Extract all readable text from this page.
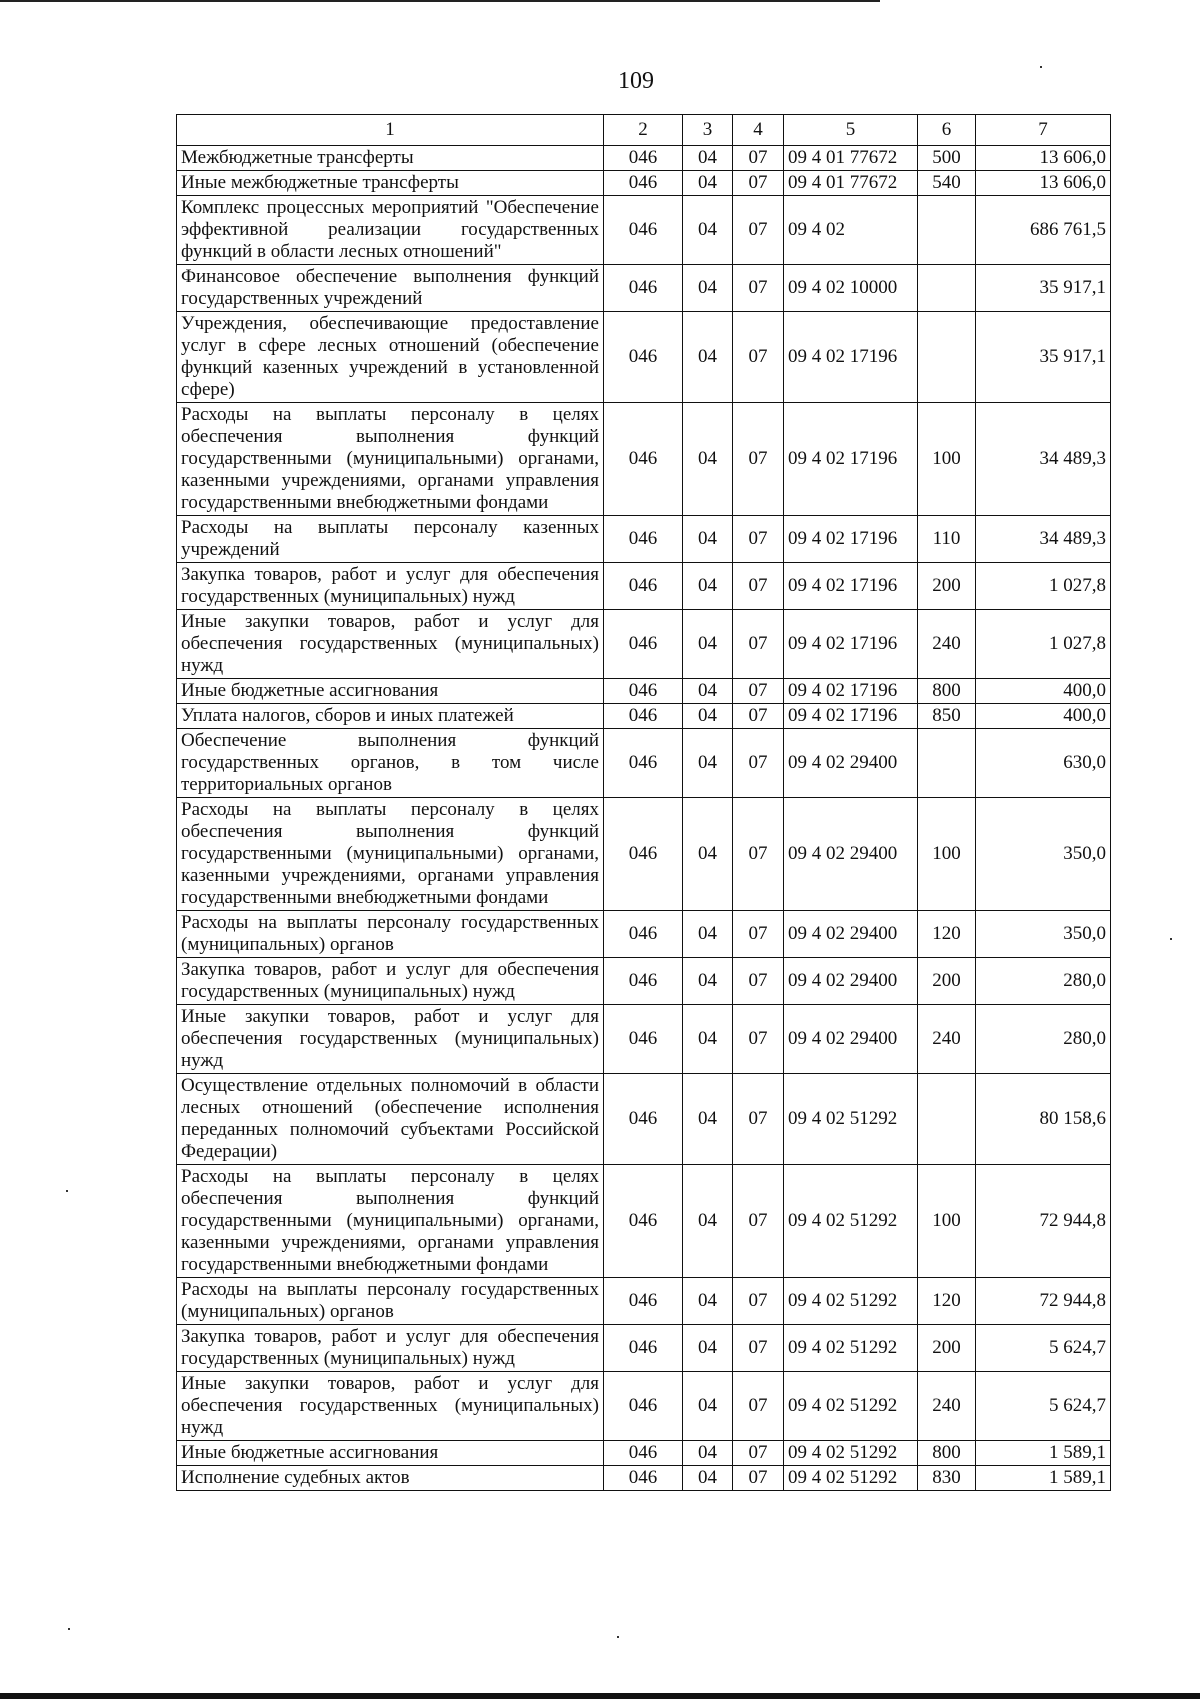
109
1	2	3	4	5	6	7
Межбюджетные трансферты	046	04	07	09 4 01 77672	500	13 606,0
Иные межбюджетные трансферты	046	04	07	09 4 01 77672	540	13 606,0
Комплекс процессных мероприятий "Обеспечение эффективной реализации государственных функций в области лесных отношений"	046	04	07	09 4 02		686 761,5
Финансовое обеспечение выполнения функций государственных учреждений	046	04	07	09 4 02 10000		35 917,1
Учреждения, обеспечивающие предоставление услуг в сфере лесных отношений (обеспечение функций казенных учреждений в установленной сфере)	046	04	07	09 4 02 17196		35 917,1
Расходы на выплаты персоналу в целях обеспечения выполнения функций государственными (муниципальными) органами, казенными учреждениями, органами управления государственными внебюджетными фондами	046	04	07	09 4 02 17196	100	34 489,3
Расходы на выплаты персоналу казенных учреждений	046	04	07	09 4 02 17196	110	34 489,3
Закупка товаров, работ и услуг для обеспечения государственных (муниципальных) нужд	046	04	07	09 4 02 17196	200	1 027,8
Иные закупки товаров, работ и услуг для обеспечения государственных (муниципальных) нужд	046	04	07	09 4 02 17196	240	1 027,8
Иные бюджетные ассигнования	046	04	07	09 4 02 17196	800	400,0
Уплата налогов, сборов и иных платежей	046	04	07	09 4 02 17196	850	400,0
Обеспечение выполнения функций государственных органов, в том числе территориальных органов	046	04	07	09 4 02 29400		630,0
Расходы на выплаты персоналу в целях обеспечения выполнения функций государственными (муниципальными) органами, казенными учреждениями, органами управления государственными внебюджетными фондами	046	04	07	09 4 02 29400	100	350,0
Расходы на выплаты персоналу государственных (муниципальных) органов	046	04	07	09 4 02 29400	120	350,0
Закупка товаров, работ и услуг для обеспечения государственных (муниципальных) нужд	046	04	07	09 4 02 29400	200	280,0
Иные закупки товаров, работ и услуг для обеспечения государственных (муниципальных) нужд	046	04	07	09 4 02 29400	240	280,0
Осуществление отдельных полномочий в области лесных отношений (обеспечение исполнения переданных полномочий субъектами Российской Федерации)	046	04	07	09 4 02 51292		80 158,6
Расходы на выплаты персоналу в целях обеспечения выполнения функций государственными (муниципальными) органами, казенными учреждениями, органами управления государственными внебюджетными фондами	046	04	07	09 4 02 51292	100	72 944,8
Расходы на выплаты персоналу государственных (муниципальных) органов	046	04	07	09 4 02 51292	120	72 944,8
Закупка товаров, работ и услуг для обеспечения государственных (муниципальных) нужд	046	04	07	09 4 02 51292	200	5 624,7
Иные закупки товаров, работ и услуг для обеспечения государственных (муниципальных) нужд	046	04	07	09 4 02 51292	240	5 624,7
Иные бюджетные ассигнования	046	04	07	09 4 02 51292	800	1 589,1
Исполнение судебных актов	046	04	07	09 4 02 51292	830	1 589,1
